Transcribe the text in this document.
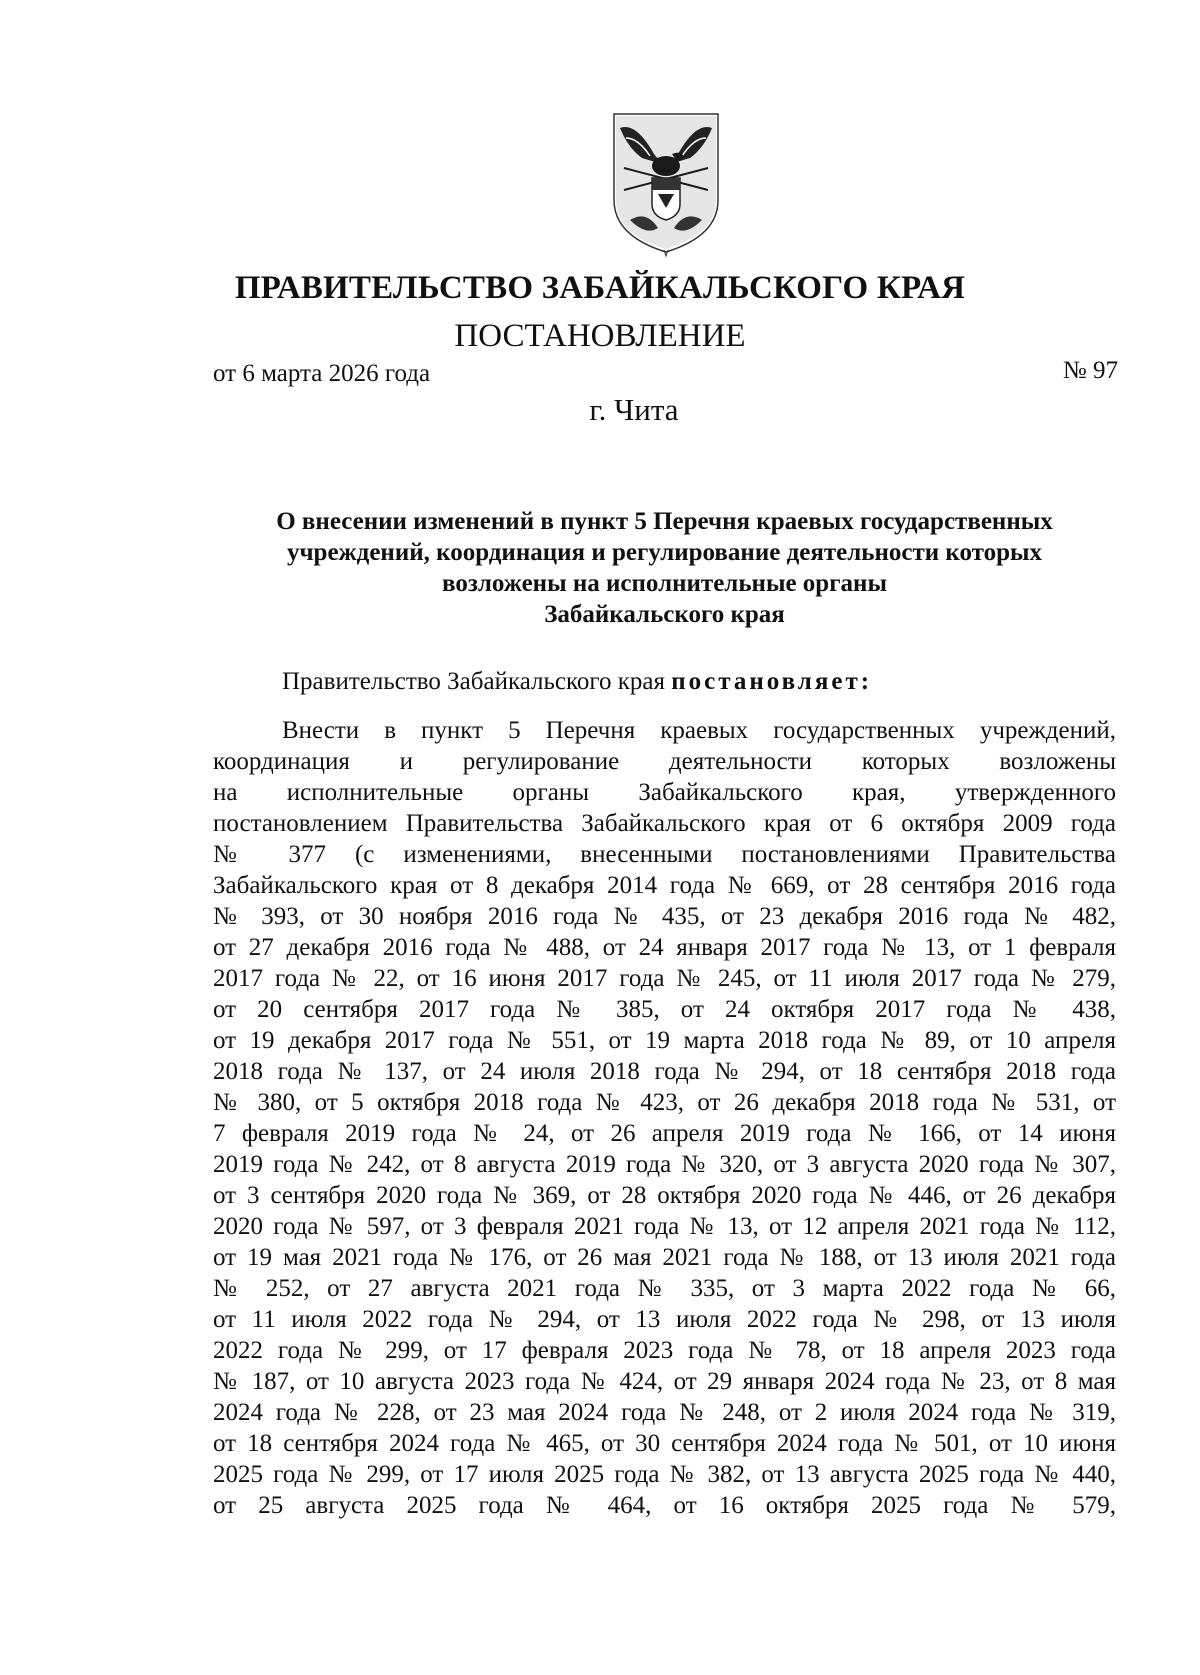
ПРАВИТЕЛЬСТВО ЗАБАЙКАЛЬСКОГО КРАЯ
ПОСТАНОВЛЕНИЕ
от 6 марта 2026 года	№ 97
г. Чита
О внесении изменений в пункт 5 Перечня краевых государственных
учреждений, координация и регулирование деятельности которых
возложены на исполнительные органы
Забайкальского края
Правительство Забайкальского края постановляет:
Внести в пункт 5 Перечня краевых государственных учреждений,
координация и регулирование деятельности которых возложены
на исполнительные органы Забайкальского края, утвержденного
постановлением Правительства Забайкальского края от 6 октября 2009 года
№ 377 (с изменениями, внесенными постановлениями Правительства
Забайкальского края от 8 декабря 2014 года № 669, от 28 сентября 2016 года
№ 393, от 30 ноября 2016 года № 435, от 23 декабря 2016 года № 482,
от 27 декабря 2016 года № 488, от 24 января 2017 года № 13, от 1 февраля
2017 года № 22, от 16 июня 2017 года № 245, от 11 июля 2017 года № 279,
от 20 сентября 2017 года № 385, от 24 октября 2017 года № 438,
от 19 декабря 2017 года № 551, от 19 марта 2018 года № 89, от 10 апреля
2018 года № 137, от 24 июля 2018 года № 294, от 18 сентября 2018 года
№ 380, от 5 октября 2018 года № 423, от 26 декабря 2018 года № 531, от
7 февраля 2019 года № 24, от 26 апреля 2019 года № 166, от 14 июня
2019 года № 242, от 8 августа 2019 года № 320, от 3 августа 2020 года № 307,
от 3 сентября 2020 года № 369, от 28 октября 2020 года № 446, от 26 декабря
2020 года № 597, от 3 февраля 2021 года № 13, от 12 апреля 2021 года № 112,
от 19 мая 2021 года № 176, от 26 мая 2021 года № 188, от 13 июля 2021 года
№ 252, от 27 августа 2021 года № 335, от 3 марта 2022 года № 66,
от 11 июля 2022 года № 294, от 13 июля 2022 года № 298, от 13 июля
2022 года № 299, от 17 февраля 2023 года № 78, от 18 апреля 2023 года
№ 187, от 10 августа 2023 года № 424, от 29 января 2024 года № 23, от 8 мая
2024 года № 228, от 23 мая 2024 года № 248, от 2 июля 2024 года № 319,
от 18 сентября 2024 года № 465, от 30 сентября 2024 года № 501, от 10 июня
2025 года № 299, от 17 июля 2025 года № 382, от 13 августа 2025 года № 440,
от 25 августа 2025 года № 464, от 16 октября 2025 года № 579,
